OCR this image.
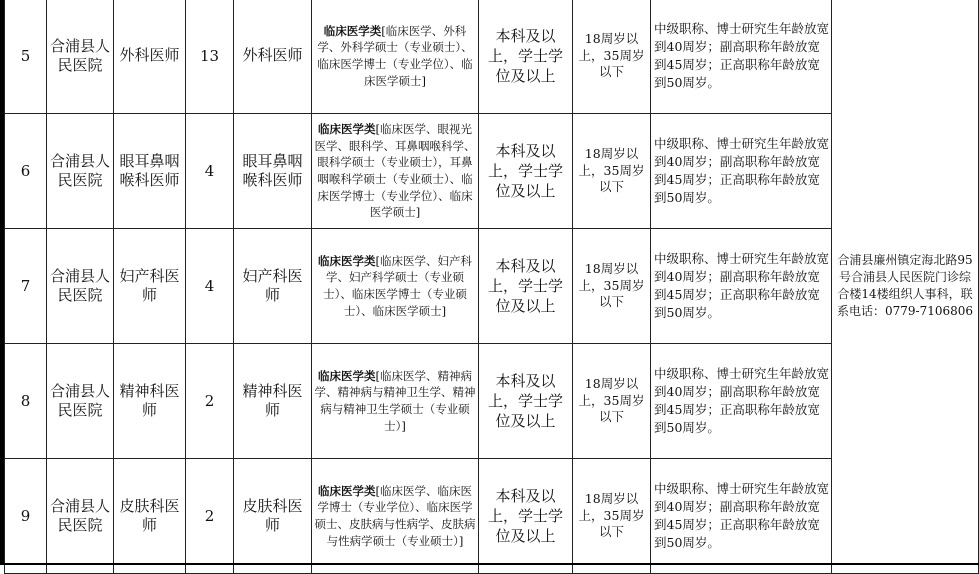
5	合浦县人民医院	外科医师	13	外科医师	临床医学类[临床医学、外科学、外科学硕士（专业硕士）、临床医学博士（专业学位）、临床医学硕士]	本科及以上，学士学位及以上	18周岁以上，35周岁以下	中级职称、博士研究生年龄放宽到40周岁；副高职称年龄放宽到45周岁；正高职称年龄放宽到50周岁。	合浦县廉州镇定海北路95号合浦县人民医院门诊综合楼14楼组织人事科，联系电话：0779-7106806
6	合浦县人民医院	眼耳鼻咽喉科医师	4	眼耳鼻咽喉科医师	临床医学类[临床医学、眼视光医学、眼科学、耳鼻咽喉科学、眼科学硕士（专业硕士），耳鼻咽喉科学硕士（专业硕士）、临床医学博士（专业学位）、临床医学硕士]	本科及以上，学士学位及以上	18周岁以上，35周岁以下	中级职称、博士研究生年龄放宽到40周岁；副高职称年龄放宽到45周岁；正高职称年龄放宽到50周岁。	
7	合浦县人民医院	妇产科医师	4	妇产科医师	临床医学类[临床医学、妇产科学、妇产科学硕士（专业硕士）、临床医学博士（专业硕士）、临床医学硕士]	本科及以上，学士学位及以上	18周岁以上，35周岁以下	中级职称、博士研究生年龄放宽到40周岁；副高职称年龄放宽到45周岁；正高职称年龄放宽到50周岁。	
8	合浦县人民医院	精神科医师	2	精神科医师	临床医学类[临床医学、精神病学、精神病与精神卫生学、精神病与精神卫生学硕士（专业硕士）]	本科及以上，学士学位及以上	18周岁以上，35周岁以下	中级职称、博士研究生年龄放宽到40周岁；副高职称年龄放宽到45周岁；正高职称年龄放宽到50周岁。	
9	合浦县人民医院	皮肤科医师	2	皮肤科医师	临床医学类[临床医学、临床医学博士（专业学位）、临床医学硕士、皮肤病与性病学、皮肤病与性病学硕士（专业硕士）]	本科及以上，学士学位及以上	18周岁以上，35周岁以下	中级职称、博士研究生年龄放宽到40周岁；副高职称年龄放宽到45周岁；正高职称年龄放宽到50周岁。	
